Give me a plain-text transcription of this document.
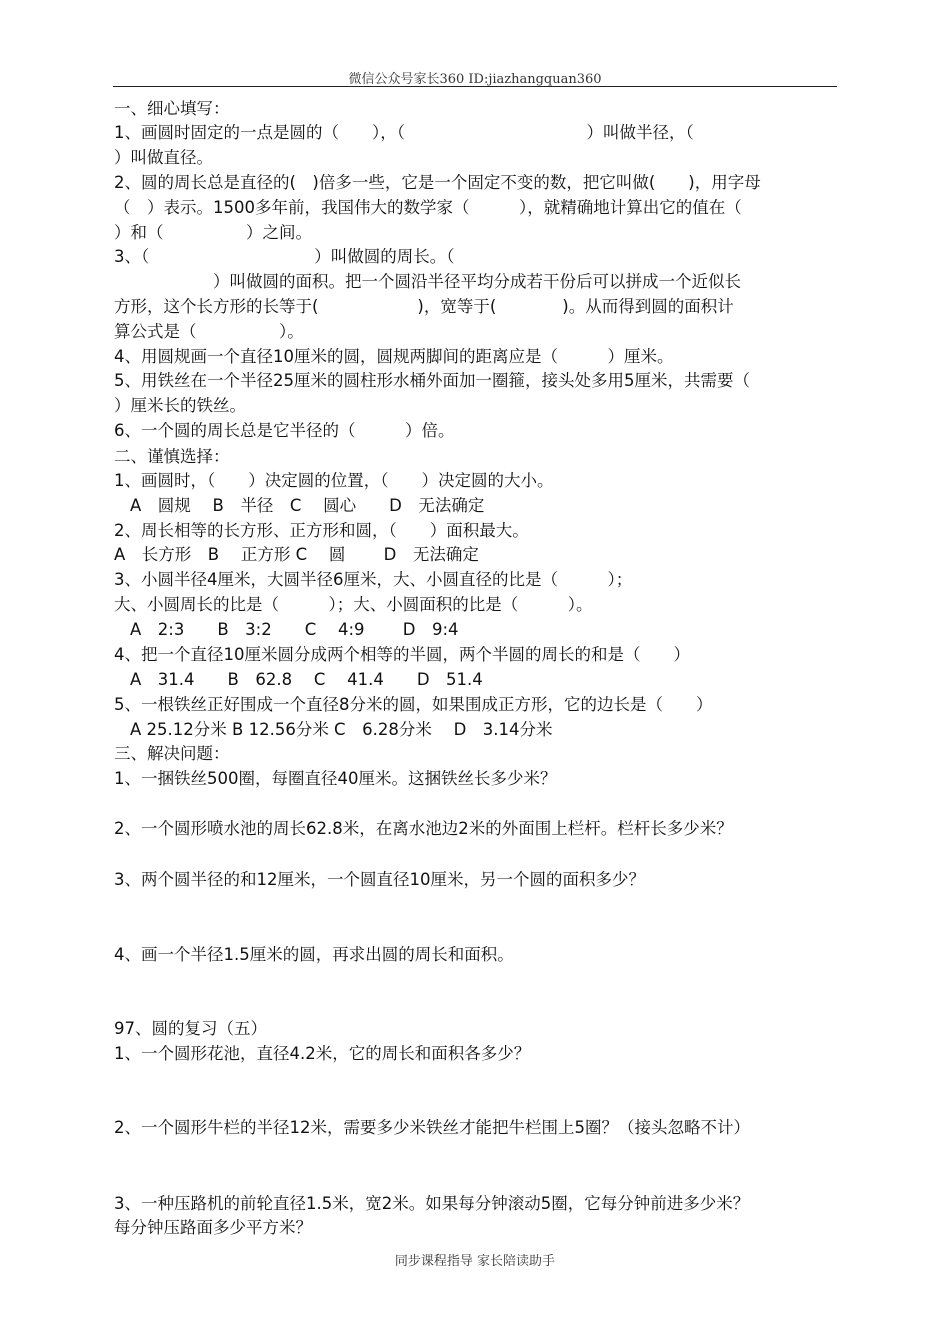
微信公众号家长360 ID:jiazhangquan360
一、细心填写：
1、画圆时固定的一点是圆的（　　），（　　　　　　　　　　　）叫做半径，（
）叫做直径。
2、圆的周长总是直径的(　)倍多一些，它是一个固定不变的数，把它叫做(　　)，用字母
（　）表示。1500多年前，我国伟大的数学家（　　　），就精确地计算出它的值在（
）和（　　　　　）之间。
3、（　　　　　　　　　　）叫做圆的周长。（
　　　　　　）叫做圆的面积。把一个圆沿半径平均分成若干份后可以拼成一个近似长
方形，这个长方形的长等于(　　　　　　)，宽等于(　　　　)。从而得到圆的面积计
算公式是（　　　　　）。
4、用圆规画一个直径10厘米的圆，圆规两脚间的距离应是（　　　）厘米。
5、用铁丝在一个半径25厘米的圆柱形水桶外面加一圈箍，接头处多用5厘米，共需要（
）厘米长的铁丝。
6、一个圆的周长总是它半径的（　　　）倍。
二、谨慎选择：
1、画圆时，（　　）决定圆的位置，（　　）决定圆的大小。
A　圆规　 B　半径　C　 圆心　　D　无法确定
2、周长相等的长方形、正方形和圆，（　　）面积最大。
A　长方形　B　 正方形 C　 圆　　 D　无法确定
3、小圆半径4厘米，大圆半径6厘米，大、小圆直径的比是（　　　）；
大、小圆周长的比是（　　　）；大、小圆面积的比是（　　　）。
A　2:3　　B　3:2　　C　 4:9　　 D　9:4
4、把一个直径10厘米圆分成两个相等的半圆，两个半圆的周长的和是（　　）
A　31.4　　B　62.8　 C　 41.4　　D　51.4
5、一根铁丝正好围成一个直径8分米的圆，如果围成正方形，它的边长是（　　）
A 25.12分米 B 12.56分米 C　6.28分米　 D　3.14分米
三、解决问题：
1、一捆铁丝500圈，每圈直径40厘米。这捆铁丝长多少米？
2、一个圆形喷水池的周长62.8米，在离水池边2米的外面围上栏杆。栏杆长多少米？
3、两个圆半径的和12厘米，一个圆直径10厘米，另一个圆的面积多少？
4、画一个半径1.5厘米的圆，再求出圆的周长和面积。
97、圆的复习（五）
1、一个圆形花池，直径4.2米，它的周长和面积各多少？
2、一个圆形牛栏的半径12米，需要多少米铁丝才能把牛栏围上5圈？（接头忽略不计）
3、一种压路机的前轮直径1.5米，宽2米。如果每分钟滚动5圈，它每分钟前进多少米？
每分钟压路面多少平方米？
同步课程指导 家长陪读助手
